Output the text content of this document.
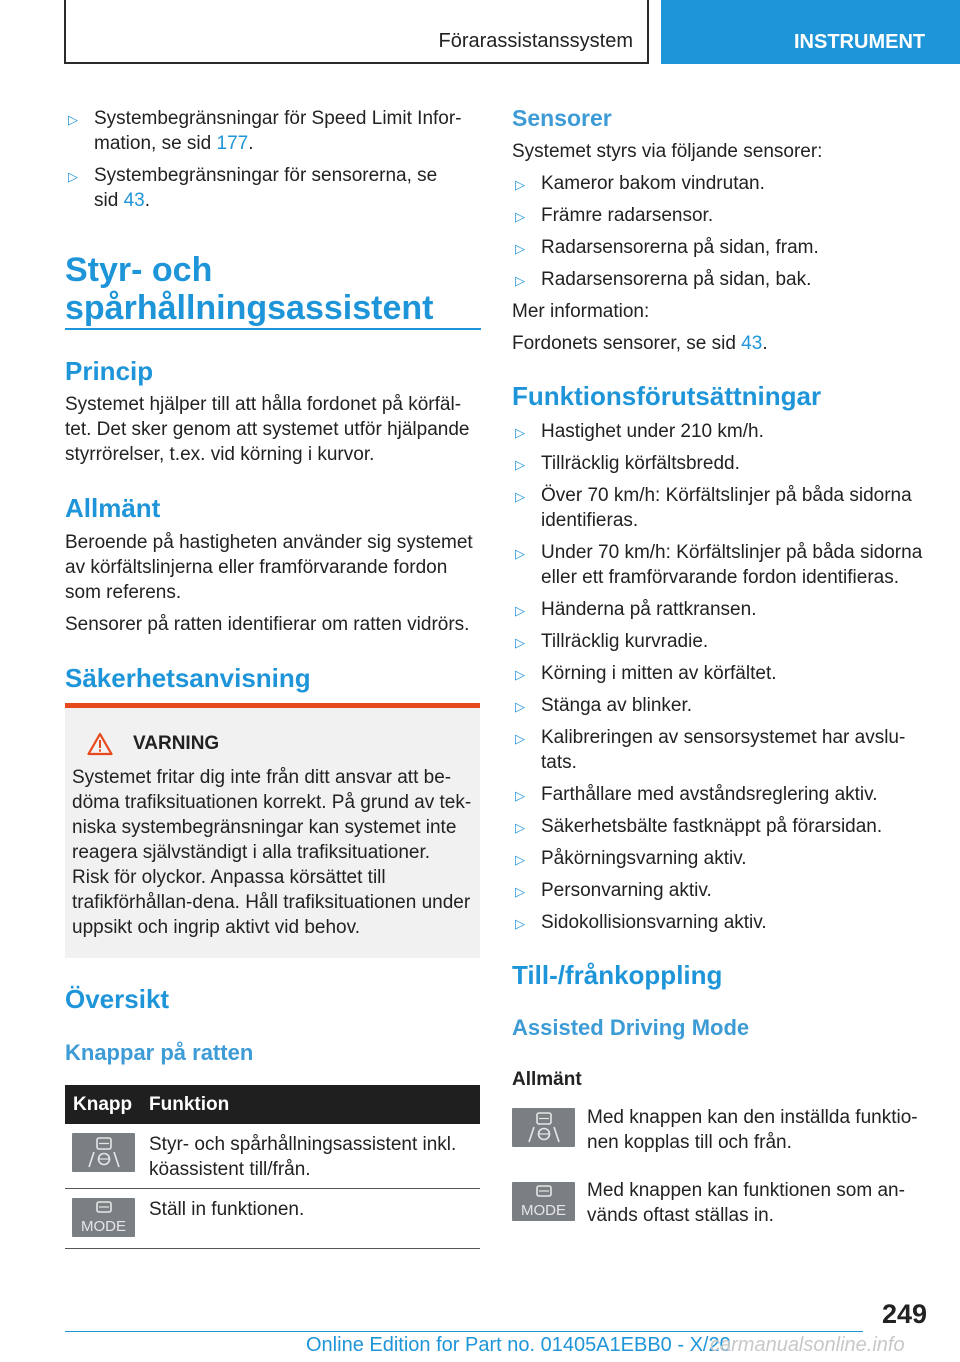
Förarassistanssystem	INSTRUMENT
▷ Systembegränsningar för Speed Limit Infor-mation, se sid 177.
▷ Systembegränsningar för sensorerna, se sid 43.
Styr- och
spårhållningsassistent
Princip

Systemet hjälper till att hålla fordonet på körfäl-tet. Det sker genom att systemet utför hjälpande styrrörelser, t.ex. vid körning i kurvor.

Allmänt

Beroende på hastigheten använder sig systemet av körfältslinjerna eller framförvarande fordon som referens.

Sensorer på ratten identifierar om ratten vidrörs.

Säkerhetsanvisning
VARNING

Systemet fritar dig inte från ditt ansvar att be-döma trafiksituationen korrekt. På grund av tek-niska systembegränsningar kan systemet inte reagera självständigt i alla trafiksituationer. Risk för olyckor. Anpassa körsättet till trafikförhållan-dena. Håll trafiksituationen under uppsikt och ingrip aktivt vid behov.

Översikt
Knappar på ratten
Knapp Funktion

Styr- och spårhållningsassistent inkl. köassistent till/från.

MODE

Ställ in funktionen.

Sensorer

Systemet styrs via följande sensorer:

▷ Kameror bakom vindrutan.
▷ Främre radarsensor.
▷ Radarsensorerna på sidan, fram.
▷ Radarsensorerna på sidan, bak.

Mer information:

Fordonets sensorer, se sid 43.

Funktionsförutsättningar
▷ Hastighet under 210 km/h.
▷ Tillräcklig körfältsbredd.
▷ Över 70 km/h: Körfältslinjer på båda sidorna identifieras.
▷ Under 70 km/h: Körfältslinjer på båda sidorna eller ett framförvarande fordon identifieras.
▷ Händerna på rattkransen.
▷ Tillräcklig kurvradie.
▷ Körning i mitten av körfältet.
▷ Stänga av blinker.
▷ Kalibreringen av sensorsystemet har avslu-tats.
▷ Farthållare med avståndsreglering aktiv.
▷ Säkerhetsbälte fastknäppt på förarsidan.
▷ Påkörningsvarning aktiv.
▷ Personvarning aktiv.
▷ Sidokollisionsvarning aktiv.
Till-/frånkoppling
Assisted Driving Mode
Allmänt

Med knappen kan den inställda funktio-nen kopplas till och från.

MODE

Med knappen kan funktionen som an-vänds oftast ställas in.

249
Online Edition for Part no. 01405A1EBB0 - X/20
carmanualsonline.info
